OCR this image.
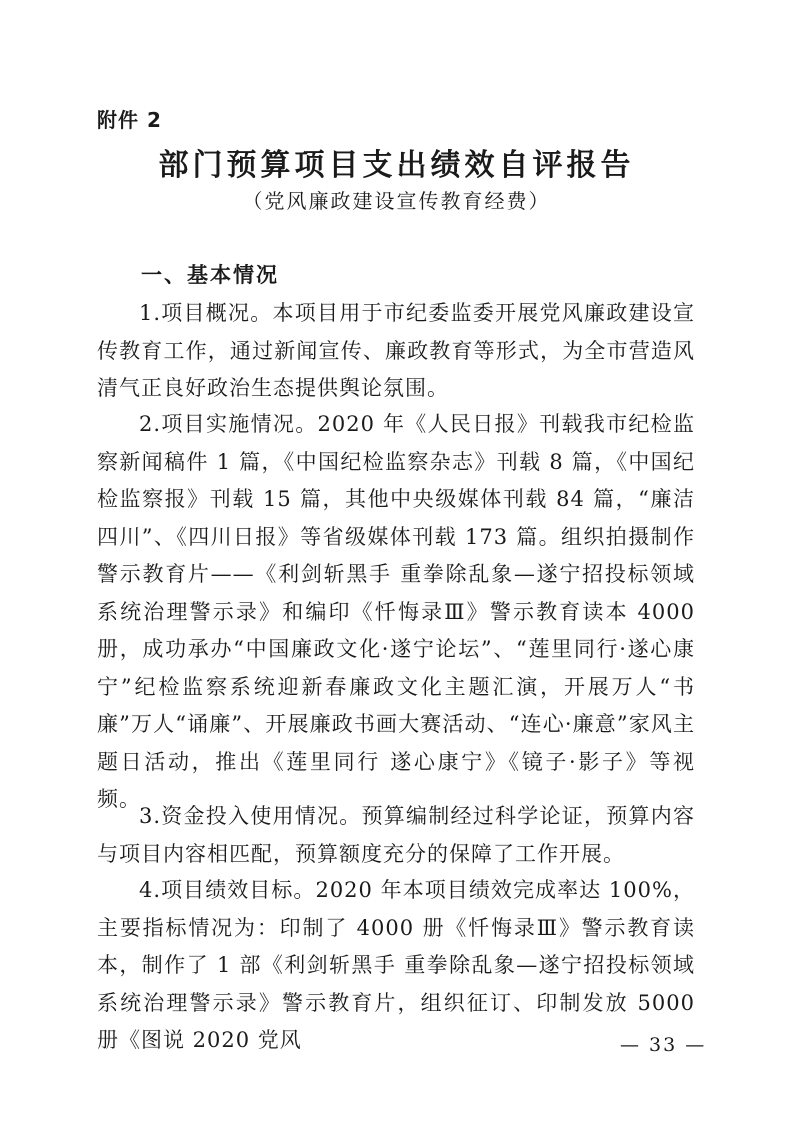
附件 2
部门预算项目支出绩效自评报告
（党风廉政建设宣传教育经费）
一、基本情况

1.项目概况。本项目用于市纪委监委开展党风廉政建设宣传教育工作，通过新闻宣传、廉政教育等形式，为全市营造风清气正良好政治生态提供舆论氛围。

2.项目实施情况。2020 年《人民日报》刊载我市纪检监察新闻稿件 1 篇，《中国纪检监察杂志》刊载 8 篇，《中国纪检监察报》刊载 15 篇，其他中央级媒体刊载 84 篇，“廉洁四川”、《四川日报》等省级媒体刊载 173 篇。组织拍摄制作警示教育片——《利剑斩黑手 重拳除乱象—遂宁招投标领域系统治理警示录》和编印《忏悔录Ⅲ》警示教育读本 4000 册，成功承办“中国廉政文化·遂宁论坛”、“莲里同行·遂心康宁”纪检监察系统迎新春廉政文化主题汇演，开展万人“书廉”万人“诵廉”、开展廉政书画大赛活动、“连心·廉意”家风主题日活动，推出《莲里同行 遂心康宁》《镜子·影子》等视频。

3.资金投入使用情况。预算编制经过科学论证，预算内容与项目内容相匹配，预算额度充分的保障了工作开展。

4.项目绩效目标。2020 年本项目绩效完成率达 100%，主要指标情况为：印制了 4000 册《忏悔录Ⅲ》警示教育读本，制作了 1 部《利剑斩黑手 重拳除乱象—遂宁招投标领域系统治理警示录》警示教育片，组织征订、印制发放 5000 册《图说 2020 党风	— 33 —
